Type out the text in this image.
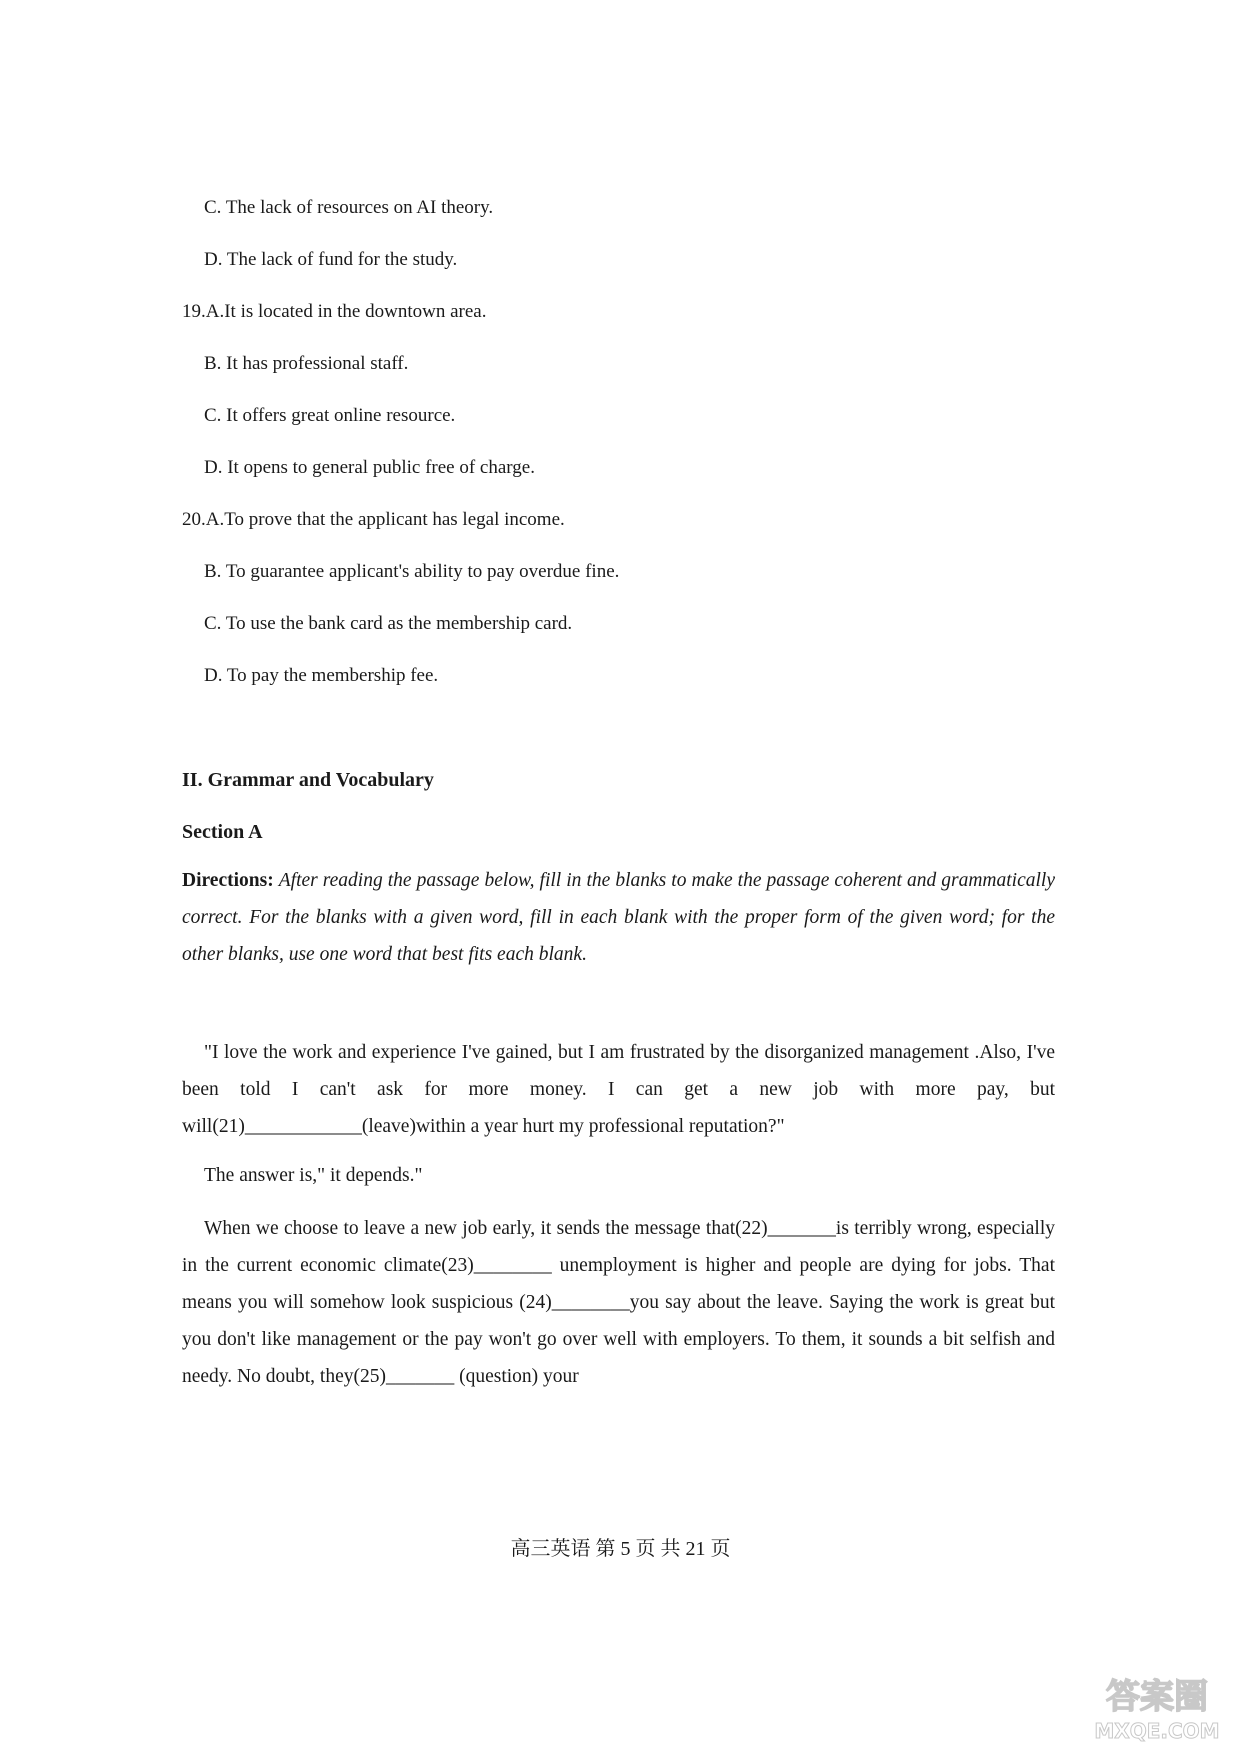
C. The lack of resources on AI theory.
D. The lack of fund for the study.
19.A.It is located in the downtown area.
B. It has professional staff.
C. It offers great online resource.
D. It opens to general public free of charge.
20.A.To prove that the applicant has legal income.
B. To guarantee applicant's ability to pay overdue fine.
C. To use the bank card as the membership card.
D. To pay the membership fee.
II. Grammar and Vocabulary
Section A
Directions: After reading the passage below, fill in the blanks to make the passage coherent and grammatically correct. For the blanks with a given word, fill in each blank with the proper form of the given word; for the other blanks, use one word that best fits each blank.
"I love the work and experience I've gained, but I am frustrated by the disorganized management .Also, I've been told I can't ask for more money. I can get a new job with more pay, but will(21)____________(leave)within a year hurt my professional reputation?"
The answer is," it depends."
When we choose to leave a new job early, it sends the message that(22)_______is terribly wrong, especially in the current economic climate(23)________ unemployment is higher and people are dying for jobs. That means you will somehow look suspicious (24)________you say about the leave. Saying the work is great but you don't like management or the pay won't go over well with employers. To them, it sounds a bit selfish and needy. No doubt, they(25)_______ (question) your
高三英语 第 5 页 共 21 页
答案圈
MXQE.COM
